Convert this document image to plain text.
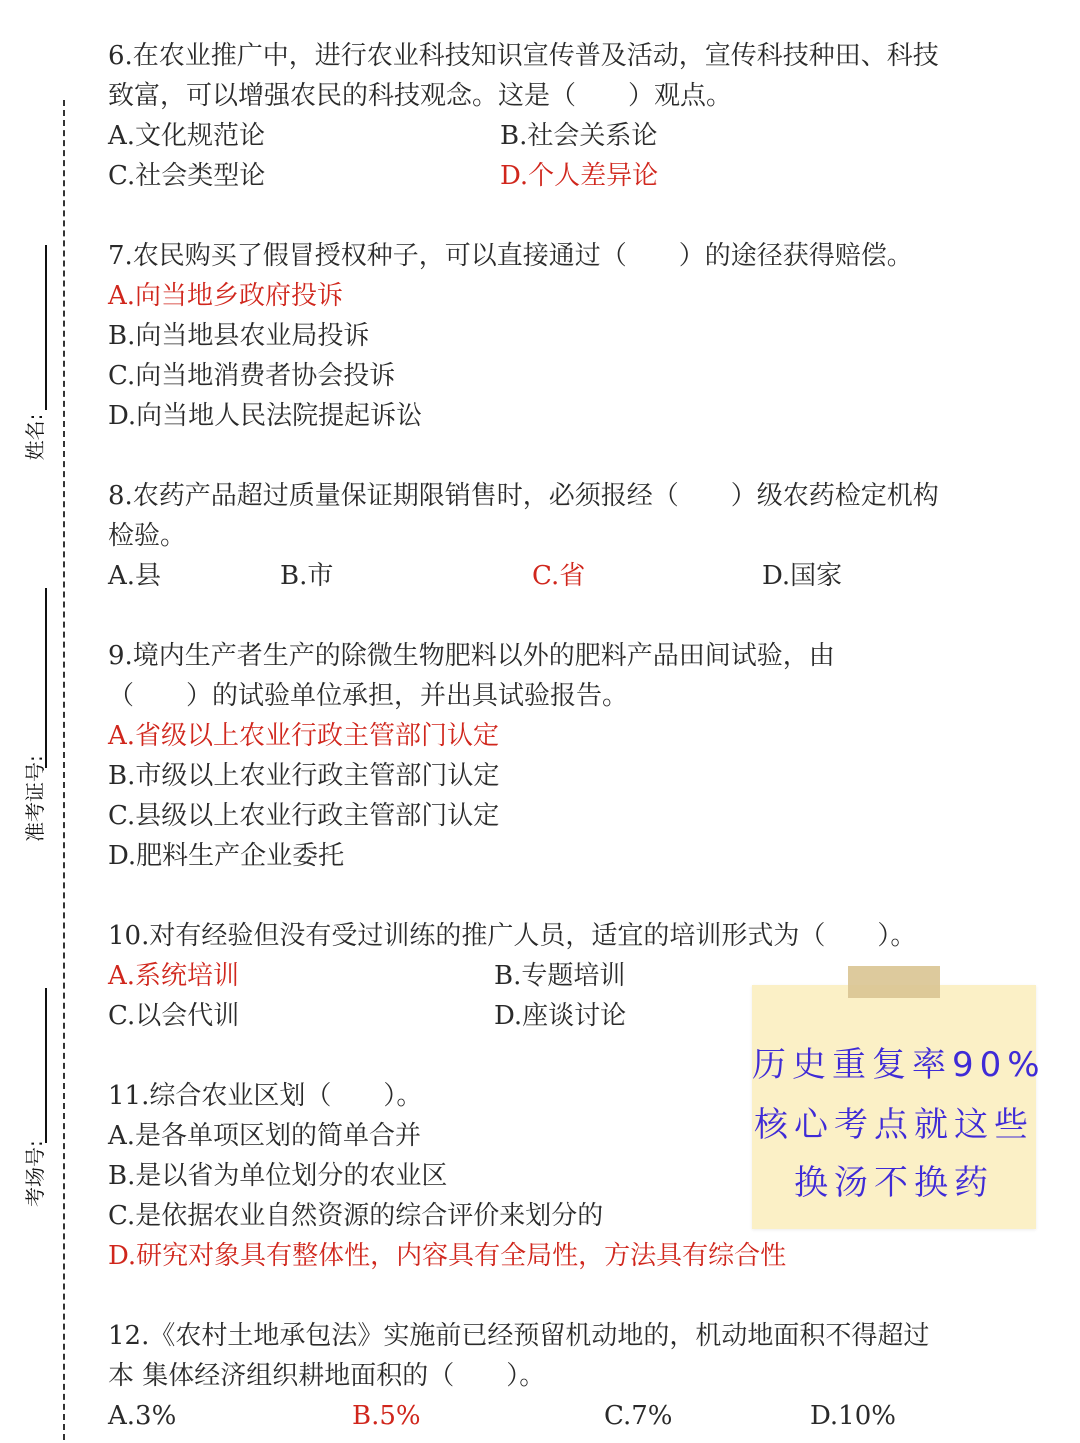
姓名:
准考证号:
考场号:
6.在农业推广中，进行农业科技知识宣传普及活动，宣传科技种田、科技
致富，可以增强农民的科技观念。这是（　　）观点。
A.文化规范论	B.社会关系论
C.社会类型论	D.个人差异论
7.农民购买了假冒授权种子，可以直接通过（　　）的途径获得赔偿。
A.向当地乡政府投诉
B.向当地县农业局投诉
C.向当地消费者协会投诉
D.向当地人民法院提起诉讼
8.农药产品超过质量保证期限销售时，必须报经（　　）级农药检定机构
检验。
A.县	B.市	C.省	D.国家
9.境内生产者生产的除微生物肥料以外的肥料产品田间试验，由
（　　）的试验单位承担，并出具试验报告。
A.省级以上农业行政主管部门认定
B.市级以上农业行政主管部门认定
C.县级以上农业行政主管部门认定
D.肥料生产企业委托
10.对有经验但没有受过训练的推广人员，适宜的培训形式为（　　）。
A.系统培训	B.专题培训
C.以会代训	D.座谈讨论
11.综合农业区划（　　）。
A.是各单项区划的简单合并
B.是以省为单位划分的农业区
C.是依据农业自然资源的综合评价来划分的
D.研究对象具有整体性，内容具有全局性，方法具有综合性
12.《农村土地承包法》实施前已经预留机动地的，机动地面积不得超过
本 集体经济组织耕地面积的（　　）。
A.3%	B.5%	C.7%	D.10%
历史重复率90%
核心考点就这些
换汤不换药
